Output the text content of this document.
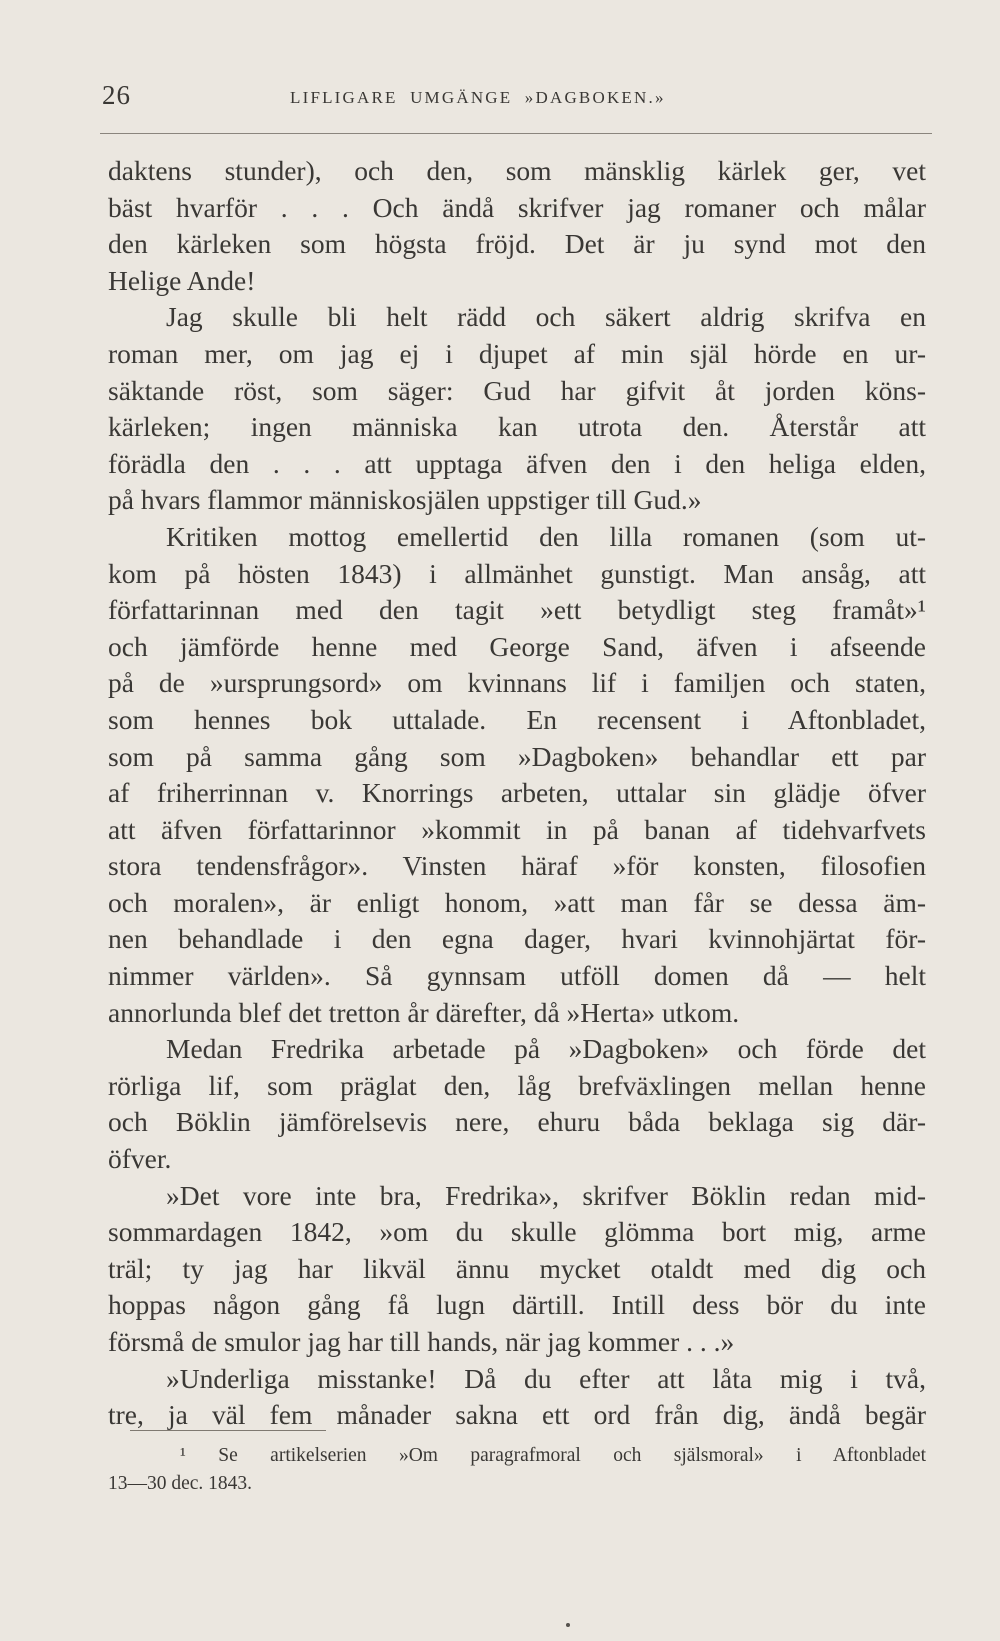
26	LIFLIGARE UMGÄNGE »DAGBOKEN.»
daktens stunder), och den, som mänsklig kärlek ger, vet
bäst hvarför . . . Och ändå skrifver jag romaner och målar
den kärleken som högsta fröjd. Det är ju synd mot den
Helige Ande!
Jag skulle bli helt rädd och säkert aldrig skrifva en
roman mer, om jag ej i djupet af min själ hörde en ur-
säktande röst, som säger: Gud har gifvit åt jorden köns-
kärleken; ingen människa kan utrota den. Återstår att
förädla den . . . att upptaga äfven den i den heliga elden,
på hvars flammor människosjälen uppstiger till Gud.»
Kritiken mottog emellertid den lilla romanen (som ut-
kom på hösten 1843) i allmänhet gunstigt. Man ansåg, att
författarinnan med den tagit »ett betydligt steg framåt»¹
och jämförde henne med George Sand, äfven i afseende
på de »ursprungsord» om kvinnans lif i familjen och staten,
som hennes bok uttalade. En recensent i Aftonbladet,
som på samma gång som »Dagboken» behandlar ett par
af friherrinnan v. Knorrings arbeten, uttalar sin glädje öfver
att äfven författarinnor »kommit in på banan af tidehvarfvets
stora tendensfrågor». Vinsten häraf »för konsten, filosofien
och moralen», är enligt honom, »att man får se dessa äm-
nen behandlade i den egna dager, hvari kvinnohjärtat för-
nimmer världen». Så gynnsam utföll domen då — helt
annorlunda blef det tretton år därefter, då »Herta» utkom.
Medan Fredrika arbetade på »Dagboken» och förde det
rörliga lif, som präglat den, låg brefväxlingen mellan henne
och Böklin jämförelsevis nere, ehuru båda beklaga sig där-
öfver.
»Det vore inte bra, Fredrika», skrifver Böklin redan mid-
sommardagen 1842, »om du skulle glömma bort mig, arme
träl; ty jag har likväl ännu mycket otaldt med dig och
hoppas någon gång få lugn därtill. Intill dess bör du inte
försmå de smulor jag har till hands, när jag kommer . . .»
»Underliga misstanke! Då du efter att låta mig i två,
tre, ja väl fem månader sakna ett ord från dig, ändå begär
¹ Se artikelserien »Om paragrafmoral och själsmoral» i Aftonbladet
13—30 dec. 1843.
